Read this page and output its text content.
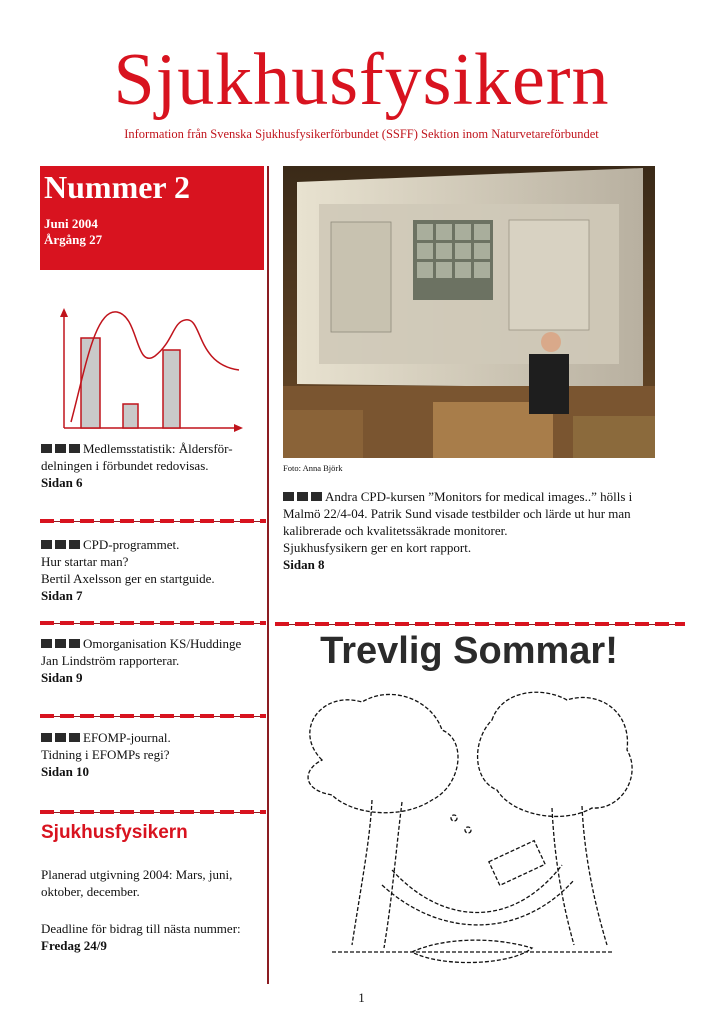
Sjukhusfysikern
Information från Svenska Sjukhusfysikerförbundet (SSFF) Sektion inom Naturvetareförbundet
Nummer 2
Juni 2004
Årgång 27
Medlemsstatistik: Åldersför-
delningen i förbundet redovisas.
Sidan 6
CPD-programmet.
Hur startar man?
Bertil Axelsson ger en startguide.
Sidan 7
Omorganisation KS/Huddinge
Jan Lindström rapporterar.
Sidan 9
EFOMP-journal.
Tidning i EFOMPs regi?
Sidan 10
Sjukhusfysikern
Planerad utgivning 2004: Mars, juni,
oktober, december.
Deadline för bidrag till nästa nummer:
Fredag 24/9
Foto: Anna Björk
Andra CPD-kursen ”Monitors for medical images..” hölls i
Malmö 22/4-04. Patrik Sund visade testbilder och lärde ut hur man
kalibrerade och kvalitetssäkrade monitorer.
Sjukhusfysikern ger en kort rapport.
Sidan 8
Trevlig Sommar!
1
